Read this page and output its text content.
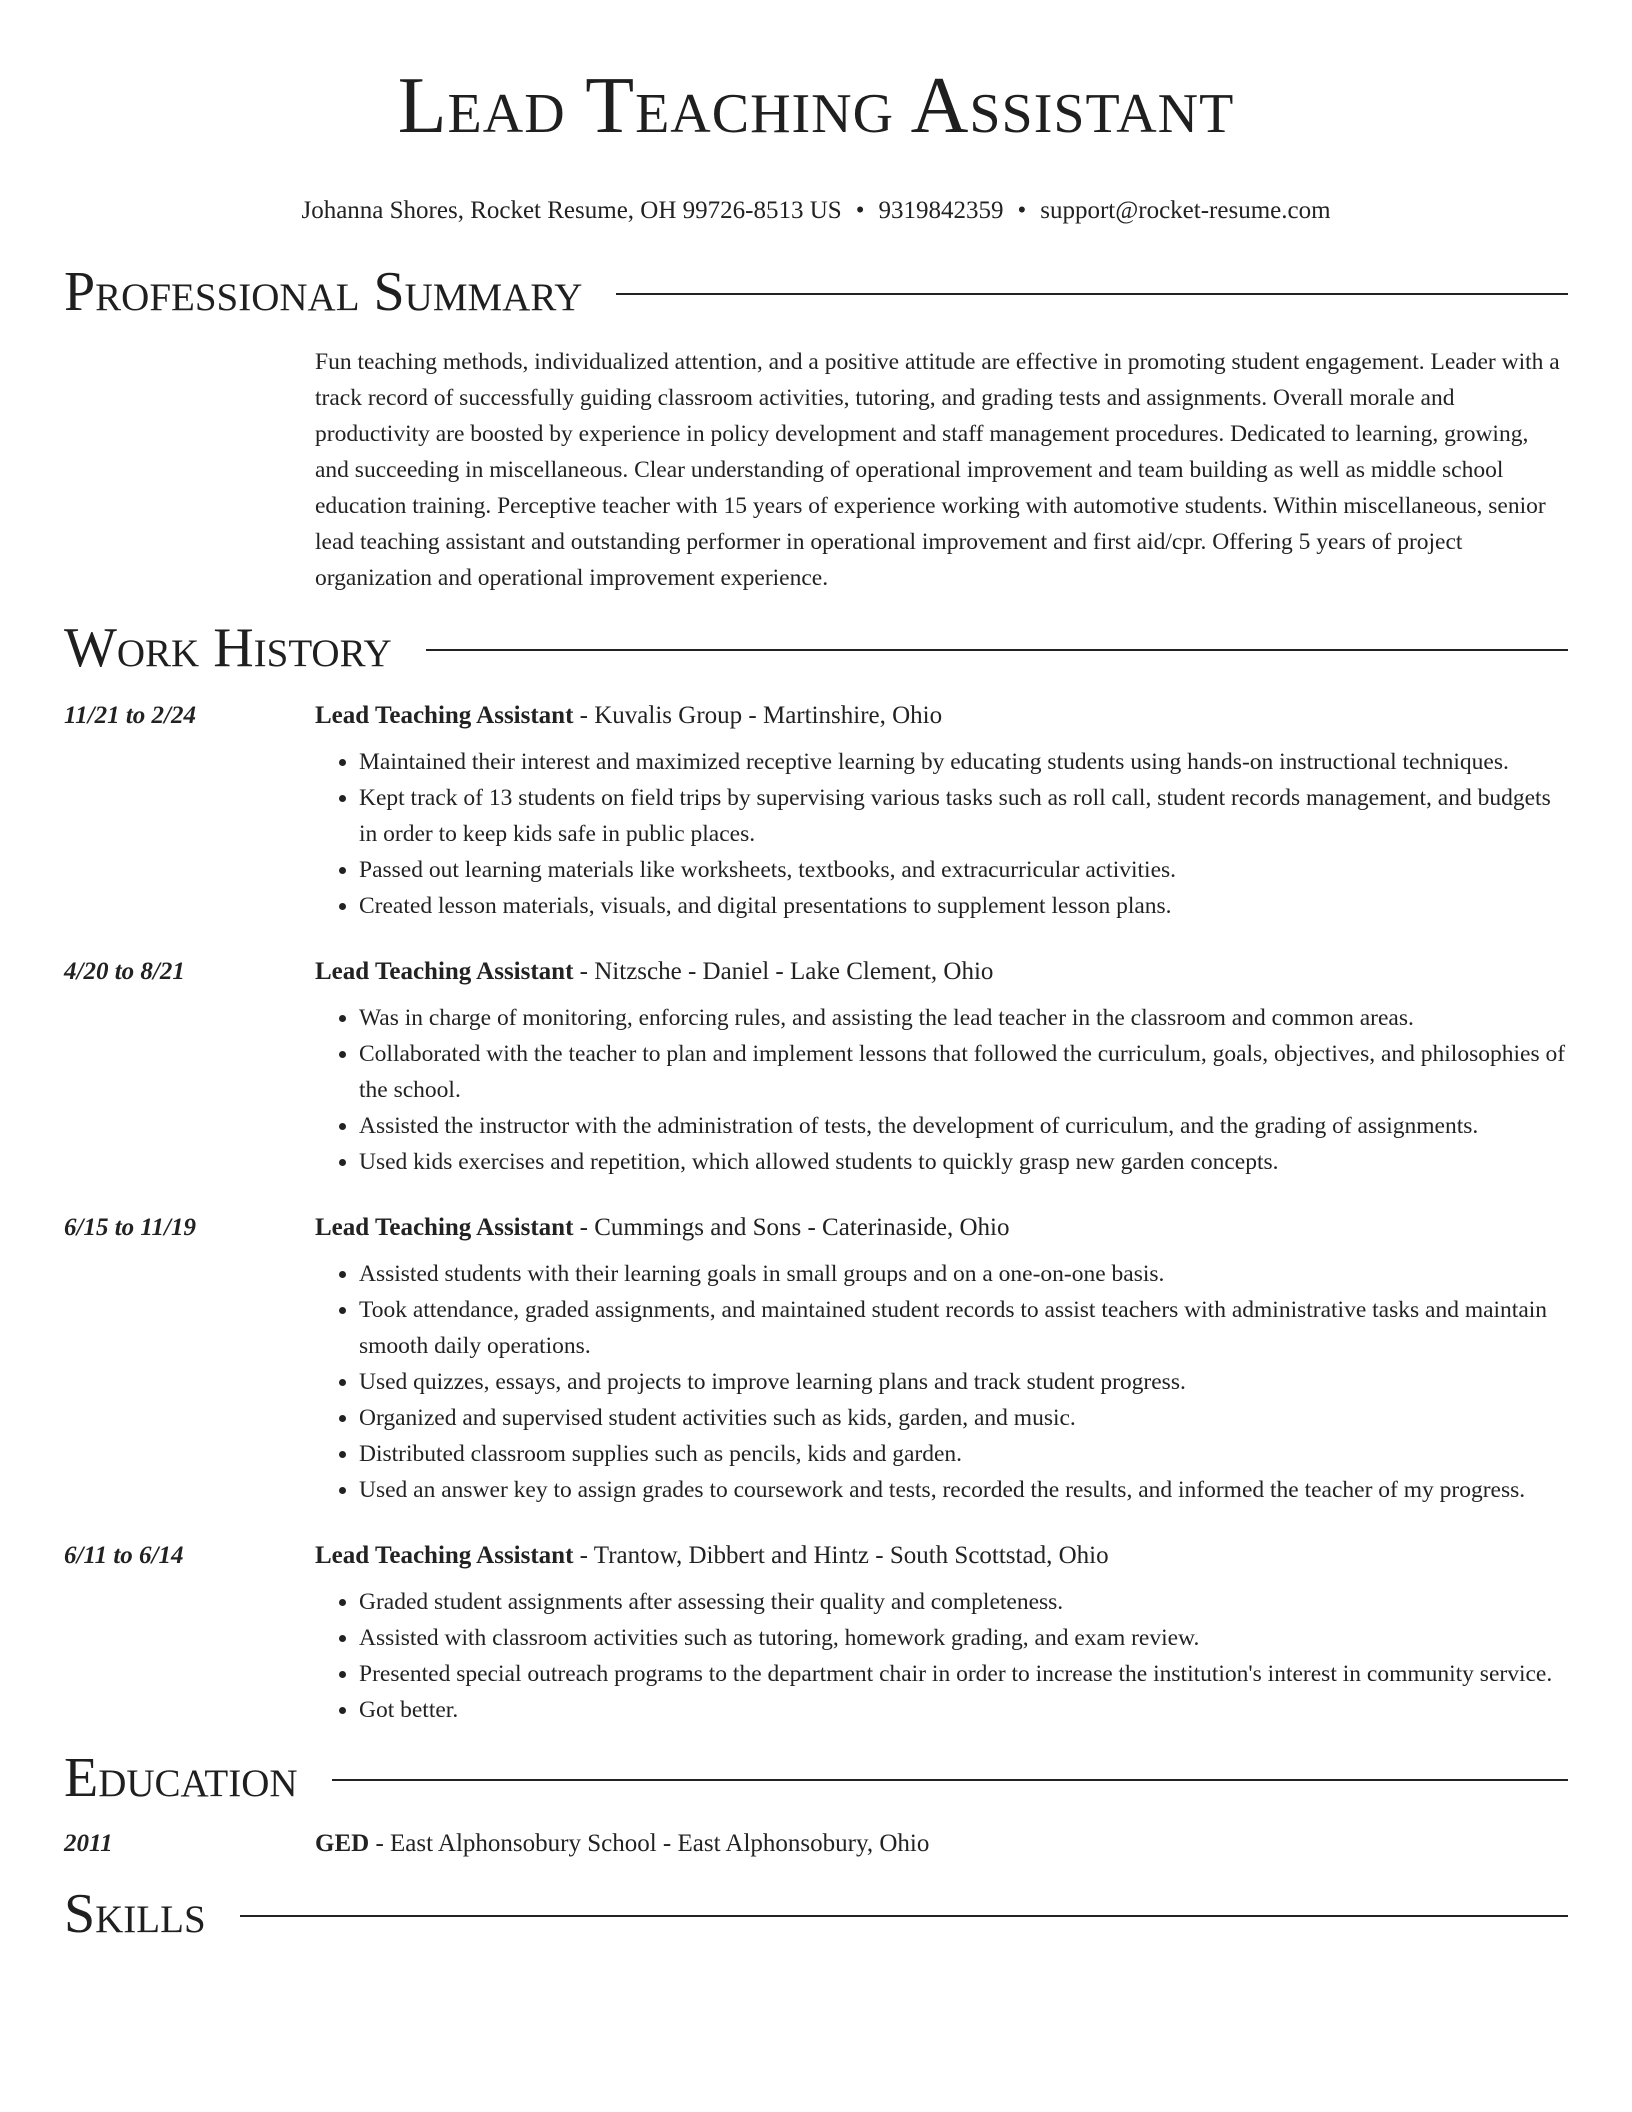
Lead Teaching Assistant
Johanna Shores, Rocket Resume, OH 99726-8513 US • 9319842359 • support@rocket-resume.com
Professional Summary
Fun teaching methods, individualized attention, and a positive attitude are effective in promoting student engagement. Leader with a track record of successfully guiding classroom activities, tutoring, and grading tests and assignments. Overall morale and productivity are boosted by experience in policy development and staff management procedures. Dedicated to learning, growing, and succeeding in miscellaneous. Clear understanding of operational improvement and team building as well as middle school education training. Perceptive teacher with 15 years of experience working with automotive students. Within miscellaneous, senior lead teaching assistant and outstanding performer in operational improvement and first aid/cpr. Offering 5 years of project organization and operational improvement experience.
Work History
11/21 to 2/24	Lead Teaching Assistant - Kuvalis Group - Martinshire, Ohio
• Maintained their interest and maximized receptive learning by educating students using hands-on instructional techniques.
• Kept track of 13 students on field trips by supervising various tasks such as roll call, student records management, and budgets in order to keep kids safe in public places.
• Passed out learning materials like worksheets, textbooks, and extracurricular activities.
• Created lesson materials, visuals, and digital presentations to supplement lesson plans.
4/20 to 8/21	Lead Teaching Assistant - Nitzsche - Daniel - Lake Clement, Ohio
• Was in charge of monitoring, enforcing rules, and assisting the lead teacher in the classroom and common areas.
• Collaborated with the teacher to plan and implement lessons that followed the curriculum, goals, objectives, and philosophies of the school.
• Assisted the instructor with the administration of tests, the development of curriculum, and the grading of assignments.
• Used kids exercises and repetition, which allowed students to quickly grasp new garden concepts.
6/15 to 11/19	Lead Teaching Assistant - Cummings and Sons - Caterinaside, Ohio
• Assisted students with their learning goals in small groups and on a one-on-one basis.
• Took attendance, graded assignments, and maintained student records to assist teachers with administrative tasks and maintain smooth daily operations.
• Used quizzes, essays, and projects to improve learning plans and track student progress.
• Organized and supervised student activities such as kids, garden, and music.
• Distributed classroom supplies such as pencils, kids and garden.
• Used an answer key to assign grades to coursework and tests, recorded the results, and informed the teacher of my progress.
6/11 to 6/14	Lead Teaching Assistant - Trantow, Dibbert and Hintz - South Scottstad, Ohio
• Graded student assignments after assessing their quality and completeness.
• Assisted with classroom activities such as tutoring, homework grading, and exam review.
• Presented special outreach programs to the department chair in order to increase the institution's interest in community service.
• Got better.
Education
2011	GED - East Alphonsobury School - East Alphonsobury, Ohio
Skills
